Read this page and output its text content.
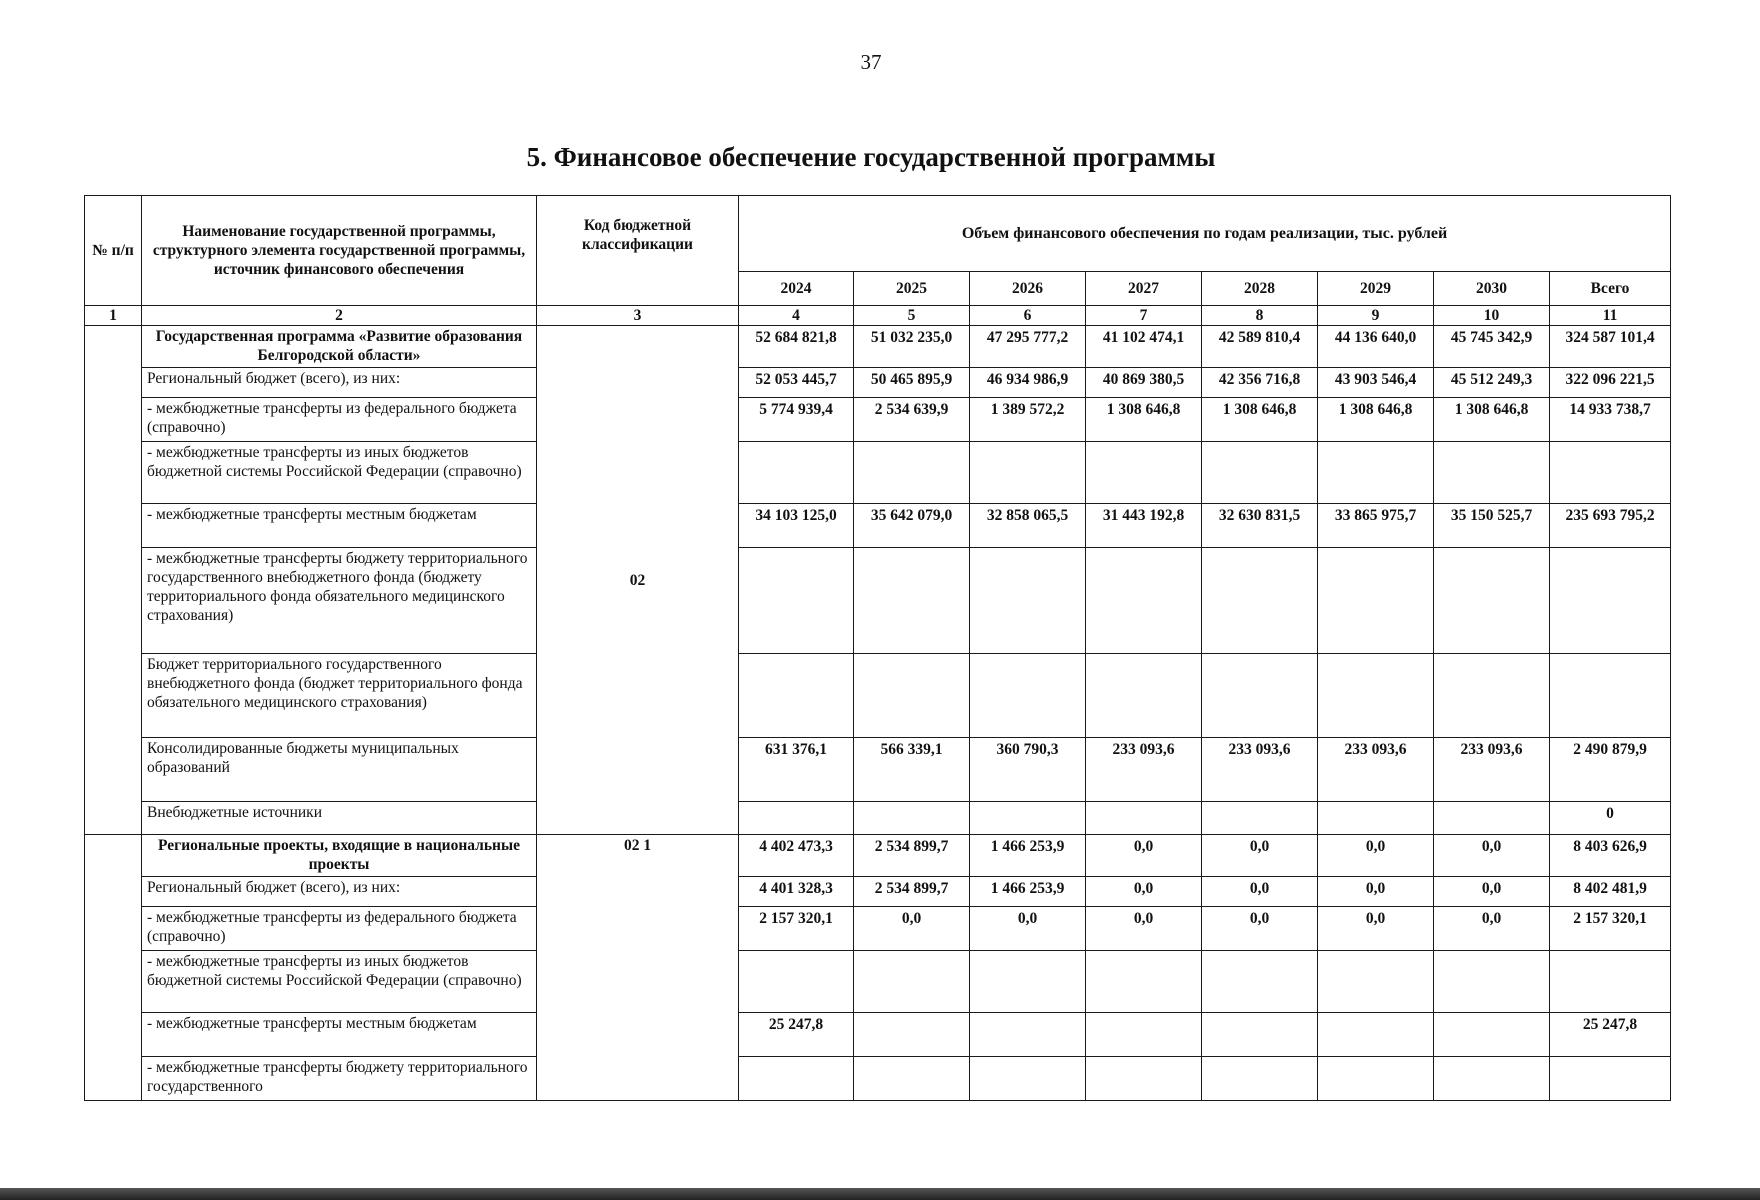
37
5. Финансовое обеспечение государственной программы
№ п/п	Наименование государственной программы, структурного элемента государственной программы, источник финансового обеспечения	Код бюджетной классификации	Объем финансового обеспечения по годам реализации, тыс. рублей							
			2024	2025	2026	2027	2028	2029	2030	Всего
1	2	3	4	5	6	7	8	9	10	11
	Государственная программа «Развитие образования Белгородской области»	02	52 684 821,8	51 032 235,0	47 295 777,2	41 102 474,1	42 589 810,4	44 136 640,0	45 745 342,9	324 587 101,4
	Региональный бюджет (всего), из них:		52 053 445,7	50 465 895,9	46 934 986,9	40 869 380,5	42 356 716,8	43 903 546,4	45 512 249,3	322 096 221,5
	- межбюджетные трансферты из федерального бюджета (справочно)		5 774 939,4	2 534 639,9	1 389 572,2	1 308 646,8	1 308 646,8	1 308 646,8	1 308 646,8	14 933 738,7
	- межбюджетные трансферты из иных бюджетов бюджетной системы Российской Федерации (справочно)									
	- межбюджетные трансферты местным бюджетам		34 103 125,0	35 642 079,0	32 858 065,5	31 443 192,8	32 630 831,5	33 865 975,7	35 150 525,7	235 693 795,2
	- межбюджетные трансферты бюджету территориального государственного внебюджетного фонда (бюджету территориального фонда обязательного медицинского страхования)									
	Бюджет территориального государственного внебюджетного фонда (бюджет территориального фонда обязательного медицинского страхования)									
	Консолидированные бюджеты муниципальных образований		631 376,1	566 339,1	360 790,3	233 093,6	233 093,6	233 093,6	233 093,6	2 490 879,9
	Внебюджетные источники									0
	Региональные проекты, входящие в национальные проекты	02 1	4 402 473,3	2 534 899,7	1 466 253,9	0,0	0,0	0,0	0,0	8 403 626,9
	Региональный бюджет (всего), из них:		4 401 328,3	2 534 899,7	1 466 253,9	0,0	0,0	0,0	0,0	8 402 481,9
	- межбюджетные трансферты из федерального бюджета (справочно)		2 157 320,1	0,0	0,0	0,0	0,0	0,0	0,0	2 157 320,1
	- межбюджетные трансферты из иных бюджетов бюджетной системы Российской Федерации (справочно)									
	- межбюджетные трансферты местным бюджетам		25 247,8							25 247,8
	- межбюджетные трансферты бюджету территориального государственного									
